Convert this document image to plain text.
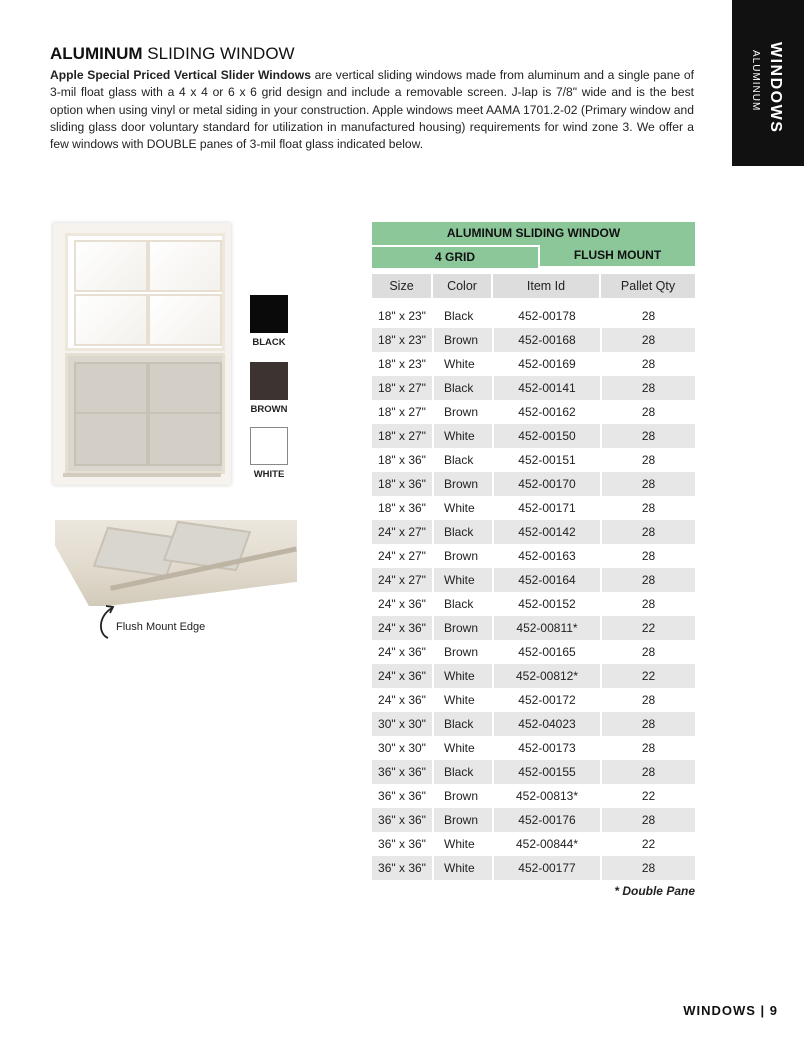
WINDOWS
ALUMINUM
ALUMINUM SLIDING WINDOW
Apple Special Priced Vertical Slider Windows are vertical sliding windows made from aluminum and a single pane of 3-mil float glass with a 4 x 4 or 6 x 6 grid design and include a removable screen. J-lap is 7/8" wide and is the best option when using vinyl or metal siding in your construction. Apple windows meet AAMA 1701.2-02 (Primary window and sliding glass door voluntary standard for utilization in manufactured housing) requirements for wind zone 3. We offer a few windows with DOUBLE panes of 3-mil float glass indicated below.
BLACK
BROWN
WHITE
Flush Mount Edge
ALUMINUM SLIDING WINDOW
4 GRID	FLUSH MOUNT
Size	Color	Item Id	Pallet Qty
18" x 23"	Black	452-00178	28
18" x 23"	Brown	452-00168	28
18" x 23"	White	452-00169	28
18" x 27"	Black	452-00141	28
18" x 27"	Brown	452-00162	28
18" x 27"	White	452-00150	28
18" x 36"	Black	452-00151	28
18" x 36"	Brown	452-00170	28
18" x 36"	White	452-00171	28
24" x 27"	Black	452-00142	28
24" x 27"	Brown	452-00163	28
24" x 27"	White	452-00164	28
24" x 36"	Black	452-00152	28
24" x 36"	Brown	452-00811*	22
24" x 36"	Brown	452-00165	28
24" x 36"	White	452-00812*	22
24" x 36"	White	452-00172	28
30" x 30"	Black	452-04023	28
30" x 30"	White	452-00173	28
36" x 36"	Black	452-00155	28
36" x 36"	Brown	452-00813*	22
36" x 36"	Brown	452-00176	28
36" x 36"	White	452-00844*	22
36" x 36"	White	452-00177	28
* Double Pane
WINDOWS | 9
